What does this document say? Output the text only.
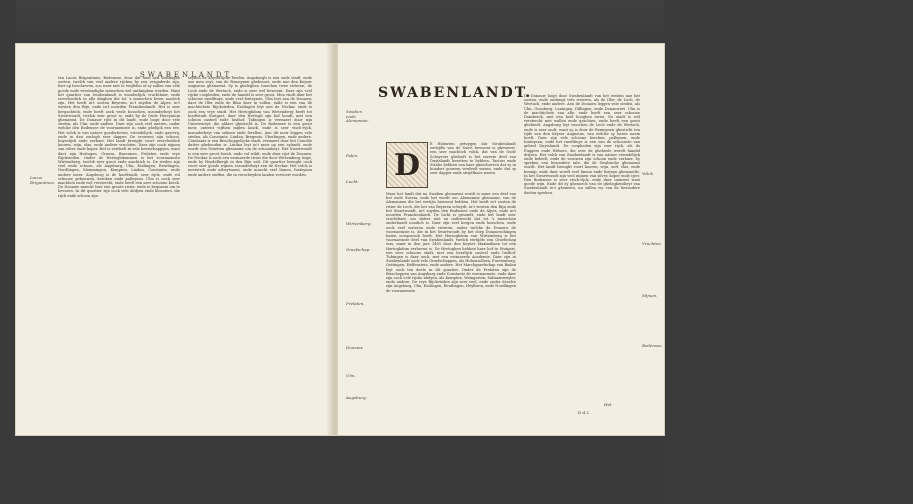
SWABENLANDT.

ten Lacus Brigantinus, Bodensee, door dat men aen sommighe oorten, twelck van veel andere rijcken by een vergaderde zijn, hier op beschreven, soo isser niet te twijfelen of sy sullen van vele goede ende verstandighe menschen wel ontfanghen worden. Want het quartier van Swabenlandt is wonderlijck vruchtbaer, ende overvloedich in alle dinghen die tot 's menschen leven noodich zijn. Het heeft in't oosten Beyeren, in't zuyden de Alpes, in't westen den Rijn, ende in't noorden Franckenlandt. Het is seer bergachtich, ende heeft oock veele bosschen, insonderheyt het Swartwoudt, twelck seer groot is, ende by de Oude Hercynium ghenaemt. De Donauw rijst in dit landt, ende loopt door vele steden, als Ulm, ende andere. Daer zijn oock veel meiren, onder welcke den Bodensee de voornaemste is, ende ghelijck een zee. Het volck is van natuer goedertieren, vriendelijck, ende gastvrij, ende in den oorlogh seer dapper. De vrouwen zijn schoon, huyselijck ende eerbaer. Het landt brenght voort overvloedich kooren, wijn, vlas, ende andere vruchten. Daer zijn oock mijnen van silver ende koper. Het is verdeelt in vele heerschappyen, want daer zijn Hertogen, Graven, Baronnen, Prelaten ende vrye Rijcksteden. Onder de Hertoghdommen is het voornaemste Wirtemberg, twelck seer groot ende machtich is. De steden zijn veel ende schoon, als Augsburg, Ulm, Esslingen, Reutlingen, Nordlingen, Memmingen, Kempten, Lindau, Constantz, ende andere meer. Augsburg is de hooftstadt, seer rijck, ende vol schoone gebouwen, kercken ende palleysen. Ulm is oock seer machtich ende wel versterckt, ende heeft een seer schoone kerck. De Donauw maeckt hier een groote rivier, ende is bequaem om te bevaren. In dit quartier zijn oock vele abdyen ende kloosters, die rijck ende schoon zijn.

seyden de Keyserlijcke steden. Augsburgh is een oude stadt, ende soo men seyt, van de Romeynen ghebouwt, ende nae den Keyser Augustus ghenaemt. Sy is gheleghen tusschen twee rivieren, de Lech ende de Wertach, ende is seer wel bewoont. Daer zijn veel rijcke cooplieden, ende de handel is seer groot. Men vindt daer het schoone raedthuys, ende veel fonteynen. Ulm leyt aen de Donauw, daer de Iller ende de Blau daer in vallen, ende is een van de machtichste Rijcksteden. Esslingen leyt aen de Neckar, ende is oock een vrye stadt. Het Hertoghdom van Wirtemberg heeft tot hooftstadt Stutgart, daer den Hertogh sijn hof houdt, met een schoon casteel ende lusthof. Tubingen is vermaert door sijn Universiteyt, die aldaer ghesticht is. De Bodensee is een groot meir, ontrent vijftien mijlen lanck, ende is seer visch-rijck, insonderheyt van salmen ende forellen. Aen dit meir leggen vele steden, als Constantz, Lindau, Bregents, Uberlingen, ende andere. Constantz is een Bisschoppelijcke stadt, vermaert door het Concilie datter ghehouden is. Lindau leyt in't meir op een eylandt, ende wordt een Venetien ghenaemt om de schoonheyt. Het Swartwoudt is een seer groot bosch, ende vol wildt, ende daer rijst de Donauw. De Neckar is oock een vermaerde rivier die door Wirtemberg loopt, ende by Heydelbergh in den Rijn valt. Dit quartier brenght oock voort seer goede wijnen, insonderheyt aen de Neckar. Het volck is neerstich ende arbeytsaem, ende maeckt veel linnen, fusteynen ende andere stoffen, die in verscheyden landen vervoert worden.

Lacus Brigantinus.
11
SWABENLANDT.
D

E Historien getuygen dat Swabenlandt eertijdts van de Suevi bewoont is gheweest, een seer machtich volck, dat van de Oude Schryvers ghelooft is het meeste deel van Duytslandt besetten te hebben. Tacitus ende Strabo hebben van haer gheschreven dat sy in hondert gouwen verdeelt waren, ende dat sy seer dapper ende strijdtbaer waren.

Maer het landt dat nu Swaben ghenaemt wordt is maer een deel van het oude Suevia, ende het wordt ooc Alemannia ghenaemt, van de Alemannen die het eertijts bewoont hebben. Het heeft in't oosten de rivier de Lech, die het van Beyeren scheydt, in't westen den Rijn ende het Swartwoudt, in't zuyden den Bodensee ende de Alpes, ende in't noorden Franckenlandt. De lucht is gesondt, ende het landt seer vruchtbaer, soo datter niet en ontbreeckt dat tot 's menschen onderhoudt noodich is. Daer zijn veel bergen ende bosschen, ende oock veel wateren ende rivieren, onder welcke de Donauw de voornaemste is, die in het Swartwoudt by het dorp Donaueschingen haren oorspronck heeft. Het Hertoghdom van Wirtemberg is het voornaemste deel van Swabenlandt, twelck eertijdts een Graefschap was, maer in den jare 1495 door den Keyser Maximiliaen tot een Hertoghdom verheven is. De Hertoghen hebben haer hof te Stutgart, een seer schoone stadt, met een heerlijck casteel ende lusthof. Tubingen is daer oock, met een vermaerde Academie. Daer zijn in Swabenlandt oock vele Graefschappen, als Hohenzollern, Furstenberg, Oettingen, Helfenstein, ende andere. Het Marchgraefschap van Baden leyt oock ten deele in dit quartier. Onder de Prelaten zijn de Bisschoppen van Augsburg ende Constantz de voornaemste, ende daer zijn oock vele rijcke abdyen, als Kempten, Weingarten, Salmansweyler, ende andere. De vrye Rijcksteden zijn seer veel, ende onder deselve zijn Augsburg, Ulm, Esslingen, Reutlingen, Heylbron, ende Nordlingen de voornaemste.

De Donauw loopt door Swabenlandt van het westen nae het oosten, ende ontfangt vele rivieren, als de Iller, de Lech, de Wertach, ende andere. Aen de Donauw leggen vele steden, als Ulm, Gunsburg, Lauingen, Dillingen, ende Donauwert. Ulm is de machtichste van alle, ende heeft een seer schoone Domkerck, met een heel hooghen toren. De stadt is wel versterckt met wallen ende grachten, ende heeft een groot ghebiedt. Augsburg leyt tusschen de Lech ende de Wertach, ende is seer oudt, want sy is door de Romeynen ghesticht ten tijde van den Keyser Augustus, van welcke sy haren naem heeft. Daer zijn vele schoone kercken, palleysen, ende fonteynen, ende het raedthuys is een van de schoonste van geheel Duytslandt. De cooplieden zijn seer rijck, als de Fuggers ende Welsers, die over de gheheele werelt handel drijven. Het volck van Swabenlandt is van natuer vriendelijck ende beleeft, ende de vrouwen zijn schoon ende eerbaer. Sy spreken een besondere tale, die de Swabische ghenaemt wordt. Het landt brenght voort kooren, wijn, ooft, vlas, ende hennip, ende daer wordt veel linnen ende fusteyn ghemaeckt. In het Swartwoudt zijn veel mijnen van silver, koper ende ijser. Den Bodensee is seer visch-rijck, ende daer omtrent wast goede wijn. Ende dit sy ghenoech van de gheleghentheyt van Swabenlandt in't ghemeen, nu sullen wy van de besondere deelen spreken.

Swaben ende Alemannia.
Palen.
Lucht.
Wirtemberg.
Graefschap.
Prelaten.
Donauw.
Ulm.
Augsburg.
Volck.
Vruchten.
Mijnen.
Bodensee.
Het
D d 2
